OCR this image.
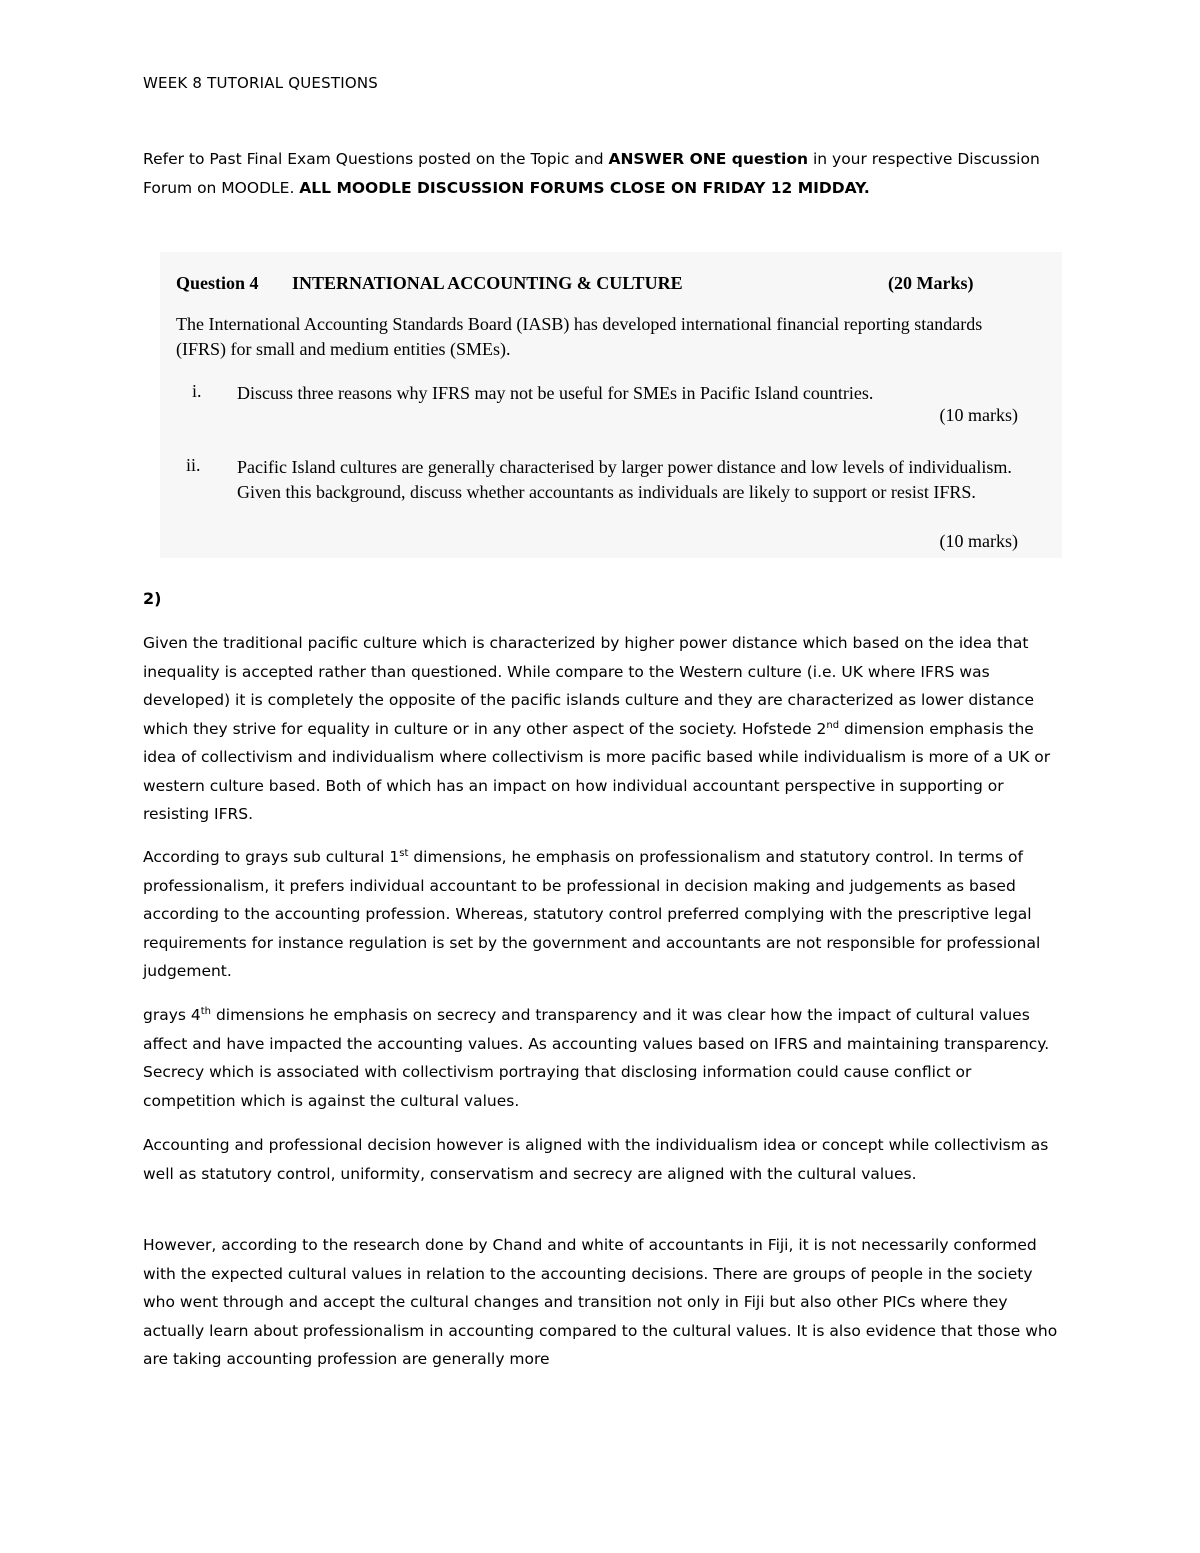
WEEK 8 TUTORIAL QUESTIONS
Refer to Past Final Exam Questions posted on the Topic and ANSWER ONE question in your respective Discussion Forum on MOODLE. ALL MOODLE DISCUSSION FORUMS CLOSE ON FRIDAY 12 MIDDAY.
Question 4 INTERNATIONAL ACCOUNTING & CULTURE	(20 Marks)
The International Accounting Standards Board (IASB) has developed international financial reporting standards (IFRS) for small and medium entities (SMEs).
i. Discuss three reasons why IFRS may not be useful for SMEs in Pacific Island countries.
(10 marks)
ii. Pacific Island cultures are generally characterised by larger power distance and low levels of individualism. Given this background, discuss whether accountants as individuals are likely to support or resist IFRS.
(10 marks)
2)

Given the traditional pacific culture which is characterized by higher power distance which based on the idea that inequality is accepted rather than questioned. While compare to the Western culture (i.e. UK where IFRS was developed) it is completely the opposite of the pacific islands culture and they are characterized as lower distance which they strive for equality in culture or in any other aspect of the society. Hofstede 2nd dimension emphasis the idea of collectivism and individualism where collectivism is more pacific based while individualism is more of a UK or western culture based. Both of which has an impact on how individual accountant perspective in supporting or resisting IFRS.

According to grays sub cultural 1st dimensions, he emphasis on professionalism and statutory control. In terms of professionalism, it prefers individual accountant to be professional in decision making and judgements as based according to the accounting profession. Whereas, statutory control preferred complying with the prescriptive legal requirements for instance regulation is set by the government and accountants are not responsible for professional judgement.

grays 4th dimensions he emphasis on secrecy and transparency and it was clear how the impact of cultural values affect and have impacted the accounting values. As accounting values based on IFRS and maintaining transparency. Secrecy which is associated with collectivism portraying that disclosing information could cause conflict or competition which is against the cultural values.

Accounting and professional decision however is aligned with the individualism idea or concept while collectivism as well as statutory control, uniformity, conservatism and secrecy are aligned with the cultural values.

However, according to the research done by Chand and white of accountants in Fiji, it is not necessarily conformed with the expected cultural values in relation to the accounting decisions. There are groups of people in the society who went through and accept the cultural changes and transition not only in Fiji but also other PICs where they actually learn about professionalism in accounting compared to the cultural values. It is also evidence that those who are taking accounting profession are generally more
